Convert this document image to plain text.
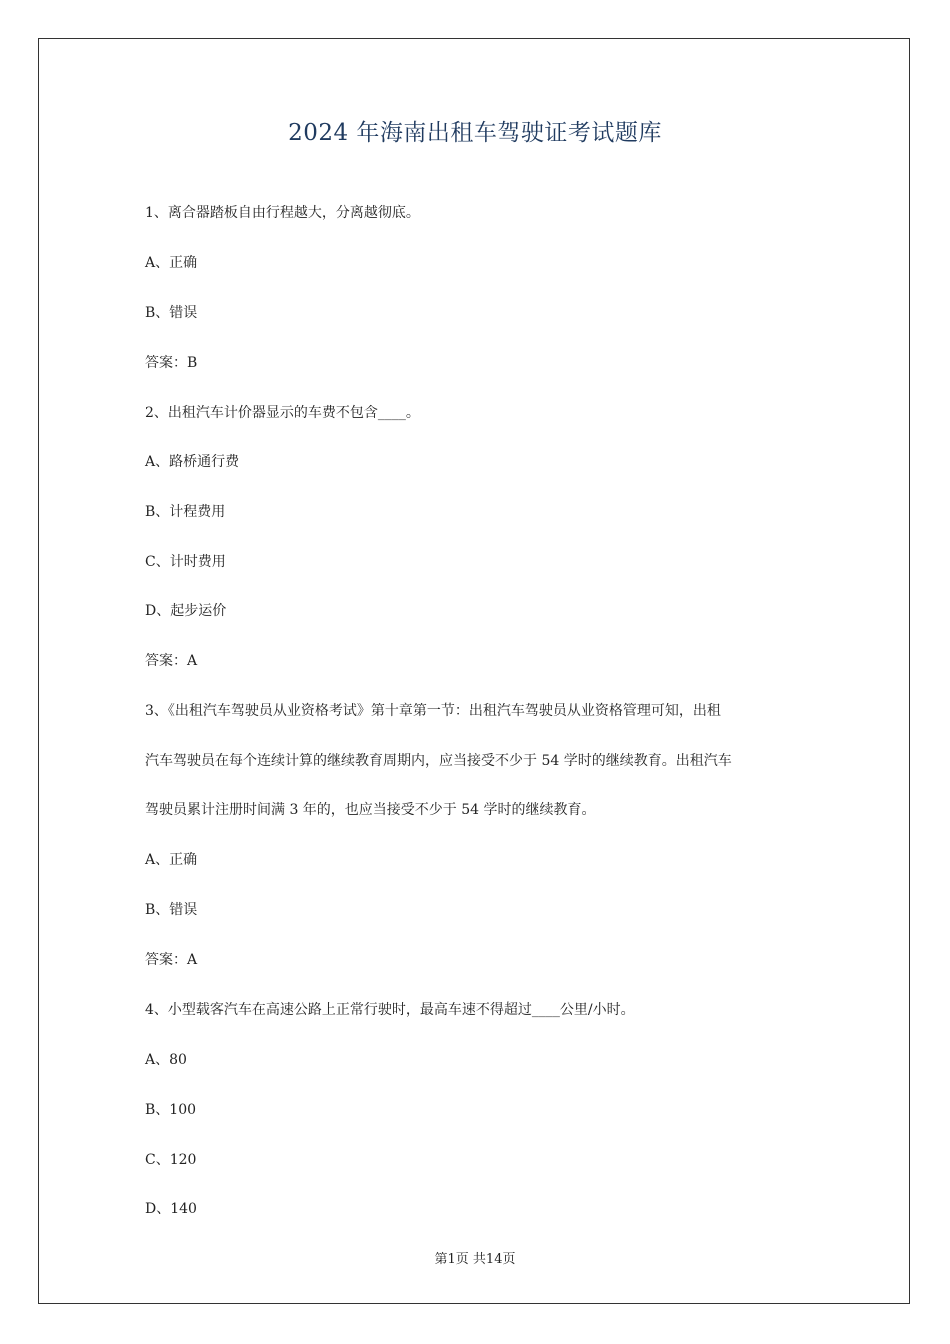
2024 年海南出租车驾驶证考试题库
1、离合器踏板自由行程越大，分离越彻底。
A、正确
B、错误
答案：B
2、出租汽车计价器显示的车费不包含____。
A、路桥通行费
B、计程费用
C、计时费用
D、起步运价
答案：A
3、《出租汽车驾驶员从业资格考试》第十章第一节：出租汽车驾驶员从业资格管理可知，出租
汽车驾驶员在每个连续计算的继续教育周期内，应当接受不少于 54 学时的继续教育。出租汽车
驾驶员累计注册时间满 3 年的，也应当接受不少于 54 学时的继续教育。
A、正确
B、错误
答案：A
4、小型载客汽车在高速公路上正常行驶时，最高车速不得超过____公里/小时。
A、80
B、100
C、120
D、140
第1页 共14页
